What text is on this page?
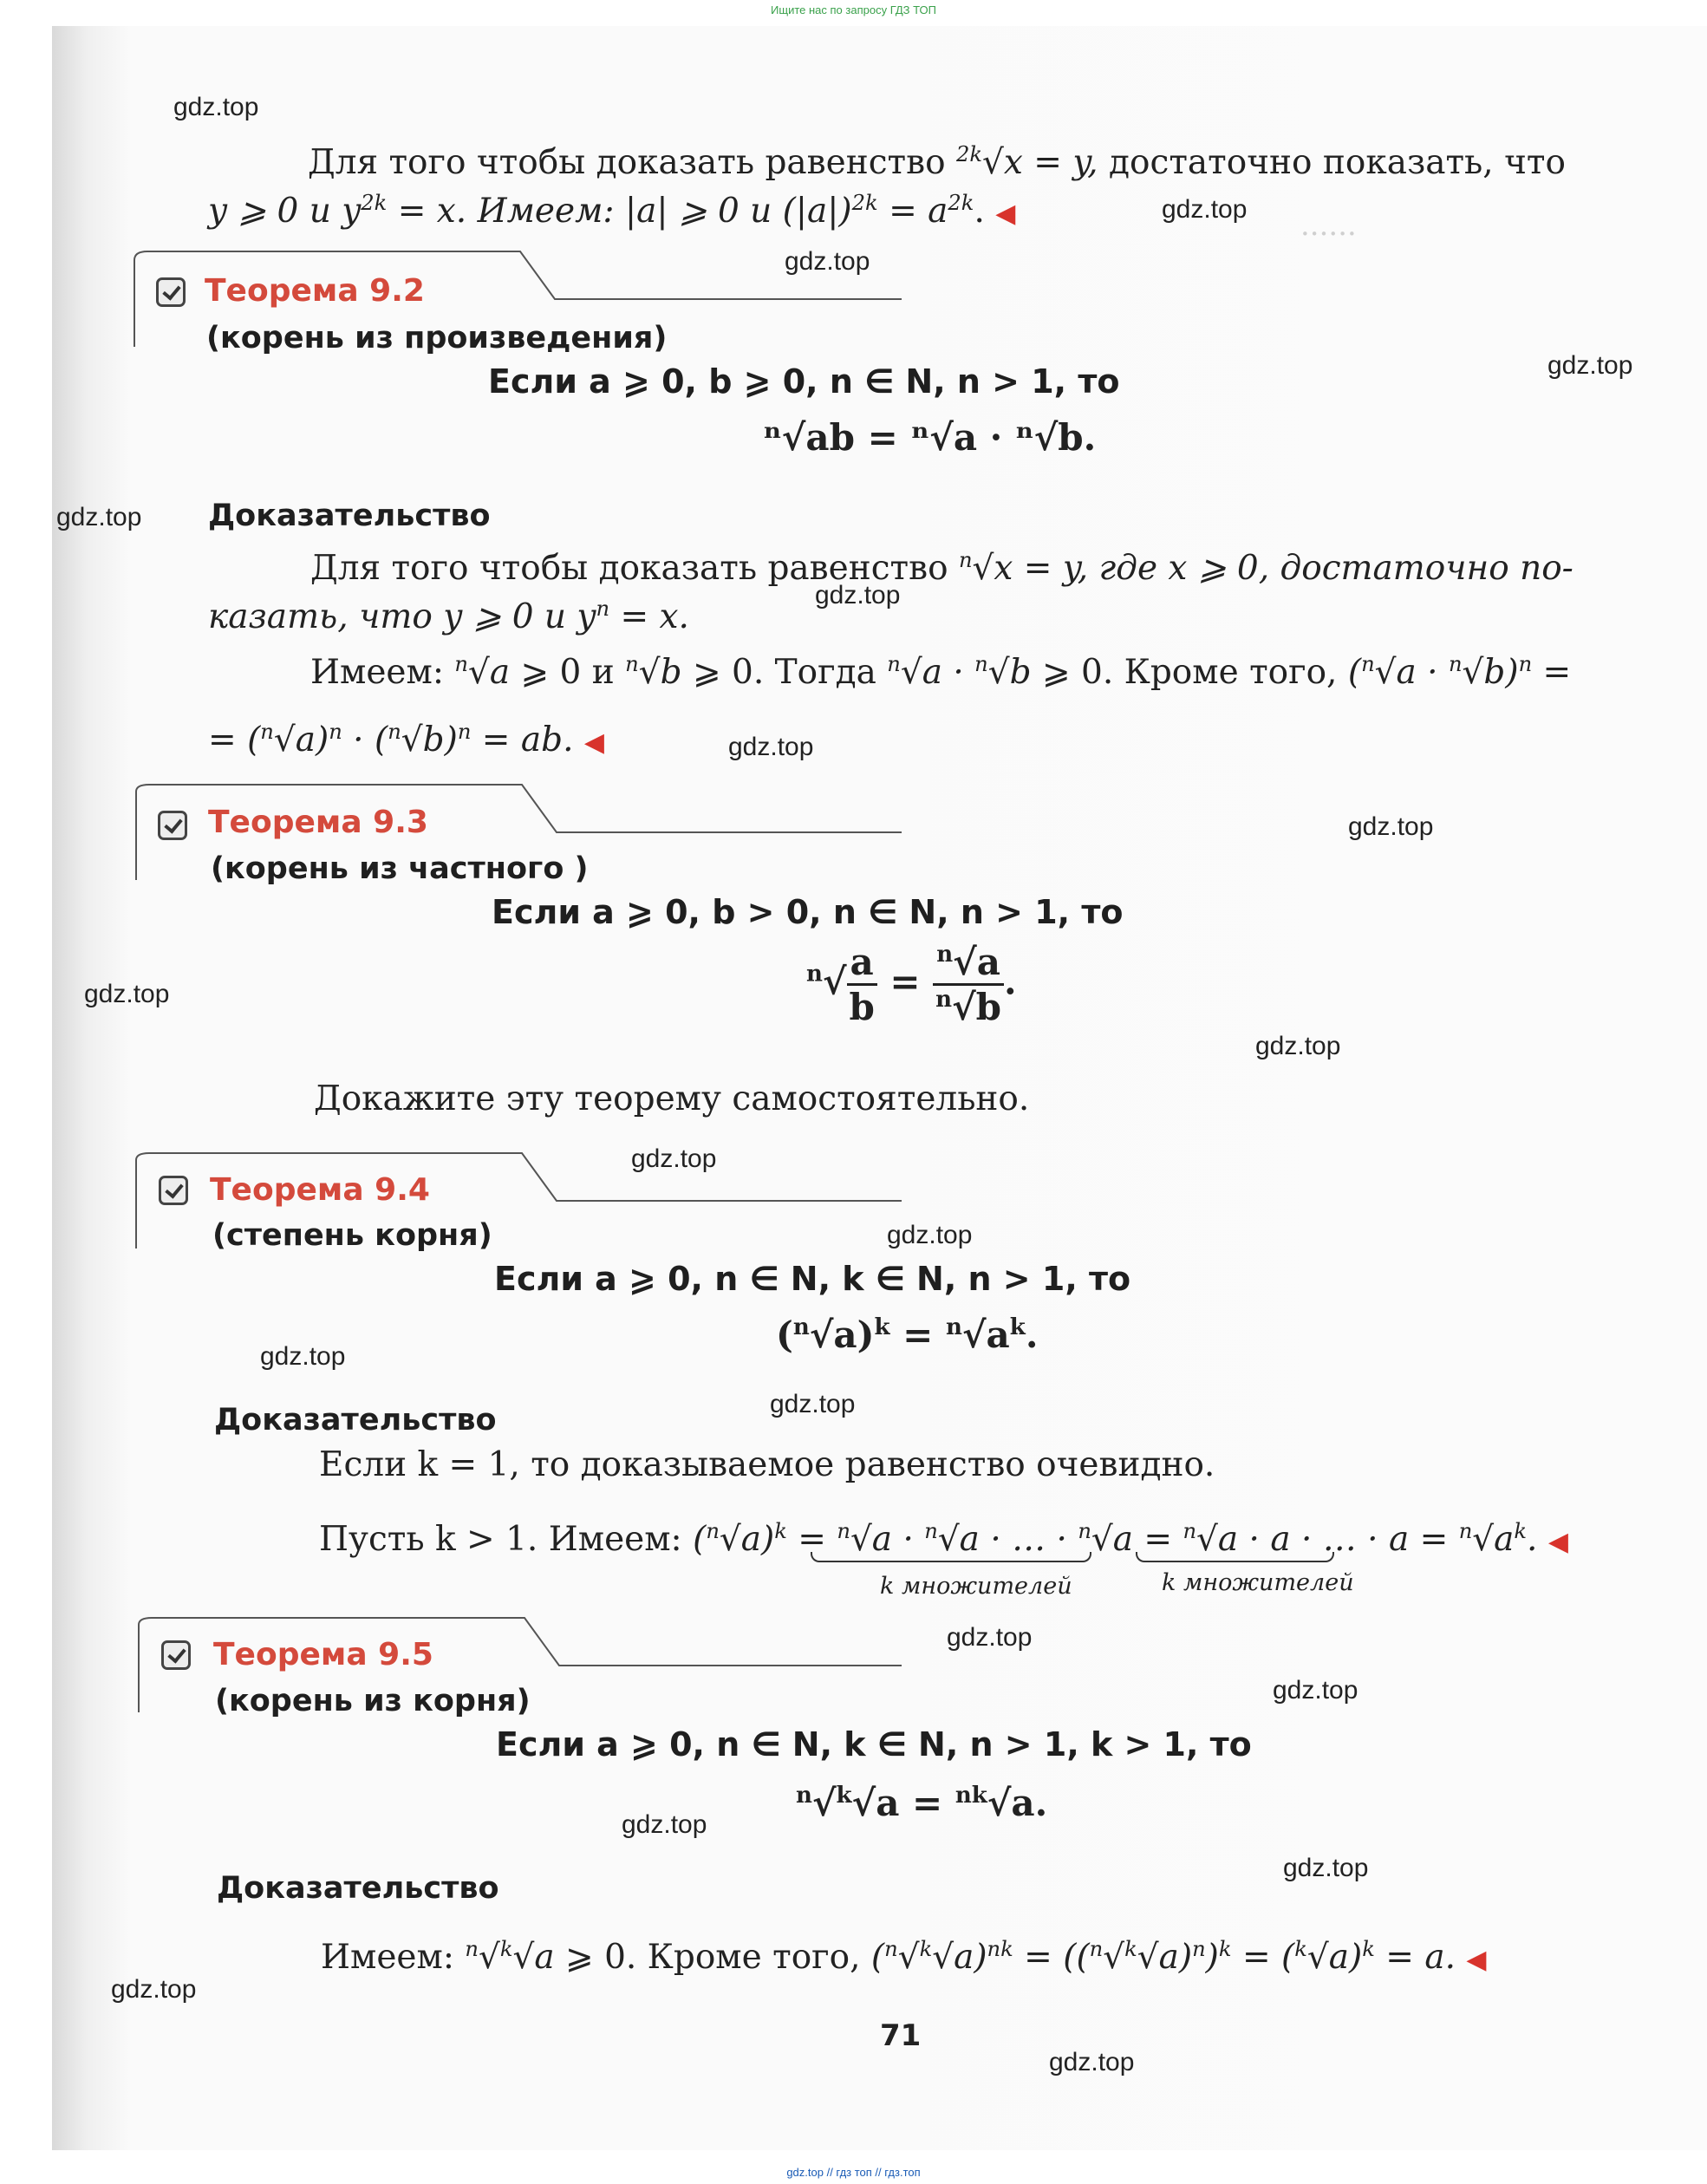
Ищите нас по запросу ГДЗ ТОП
······
gdz.top
gdz.top
gdz.top
gdz.top
gdz.top
gdz.top
gdz.top
gdz.top
gdz.top
gdz.top
gdz.top
gdz.top
gdz.top
gdz.top
gdz.top
gdz.top
gdz.top
gdz.top
gdz.top
gdz.top
Для того чтобы доказать равенство $^{2k}$√x = y, достаточно показать, что
y ⩾ 0 и $y^{2k} = x$. Имеем: |a| ⩾ 0 и $(|a|)^{2k} = a^{2k}$. ◀
Теорема 9.2
(корень из произведения)
Если a ⩾ 0, b ⩾ 0, n ∈ N, n > 1, то
ⁿ√ab = ⁿ√a · ⁿ√b.
Доказательство
Для того чтобы доказать равенство $^n$√x = y, где x ⩾ 0, достаточно по-
казать, что y ⩾ 0 и $y^n = x$.
Имеем: $^n$√a ⩾ 0 и $^n$√b ⩾ 0. Тогда $^n$√a · $^n$√b ⩾ 0. Кроме того, $(^n√a \cdot ^n√b)^n$ =
= $(^n√a)^n \cdot (^n√b)^n$ = ab. ◀
Теорема 9.3
(корень из частного )
Если a ⩾ 0, b > 0, n ∈ N, n > 1, то
$^n√ \frac{a}{b} = \frac{^n√a}{^n√b}$ .
Докажите эту теорему самостоятельно.
Теорема 9.4
(степень корня)
Если a ⩾ 0, n ∈ N, k ∈ N, n > 1, то
$(^n√a)^k = ^n√a^k$.
Доказательство
Если k = 1, то доказываемое равенство очевидно.
Пусть k > 1. Имеем: $(^n√a)^k = ^n√a \cdot ^n√a$ · … · $^n$√a = $^n$√a · a · … · $a = ^n√a^k$. ◀
k множителей	k множителей
Теорема 9.5
(корень из корня)
Если a ⩾ 0, n ∈ N, k ∈ N, n > 1, k > 1, то
$^n$√$^k$√a = $^{nk}$√a.
Доказательство
Имеем: $^n$√$^k$√a ⩾ 0. Кроме того, $(^n√^k√a)^{nk} = ((^n√^k√a)^n)^k = (^k√a)^k = a$. ◀
71
gdz.top // гдз топ // гдз.топ
